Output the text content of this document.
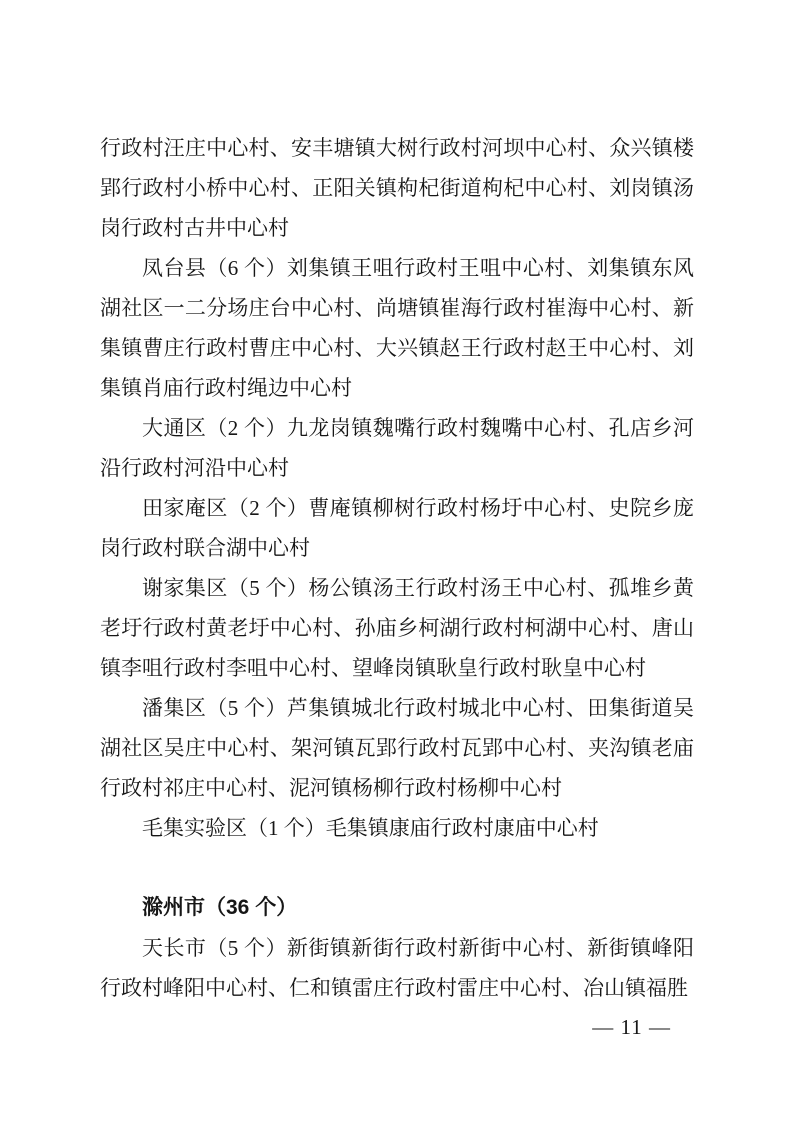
行政村汪庄中心村、安丰塘镇大树行政村河坝中心村、众兴镇楼郢行政村小桥中心村、正阳关镇枸杞街道枸杞中心村、刘岗镇汤岗行政村古井中心村

凤台县（6 个）刘集镇王咀行政村王咀中心村、刘集镇东风湖社区一二分场庄台中心村、尚塘镇崔海行政村崔海中心村、新集镇曹庄行政村曹庄中心村、大兴镇赵王行政村赵王中心村、刘集镇肖庙行政村绳边中心村

大通区（2 个）九龙岗镇魏嘴行政村魏嘴中心村、孔店乡河沿行政村河沿中心村

田家庵区（2 个）曹庵镇柳树行政村杨圩中心村、史院乡庞岗行政村联合湖中心村

谢家集区（5 个）杨公镇汤王行政村汤王中心村、孤堆乡黄老圩行政村黄老圩中心村、孙庙乡柯湖行政村柯湖中心村、唐山镇李咀行政村李咀中心村、望峰岗镇耿皇行政村耿皇中心村

潘集区（5 个）芦集镇城北行政村城北中心村、田集街道吴湖社区吴庄中心村、架河镇瓦郢行政村瓦郢中心村、夹沟镇老庙行政村祁庄中心村、泥河镇杨柳行政村杨柳中心村

毛集实验区（1 个）毛集镇康庙行政村康庙中心村

滁州市（36 个）

天长市（5 个）新街镇新街行政村新街中心村、新街镇峰阳行政村峰阳中心村、仁和镇雷庄行政村雷庄中心村、冶山镇福胜

— 11 —
